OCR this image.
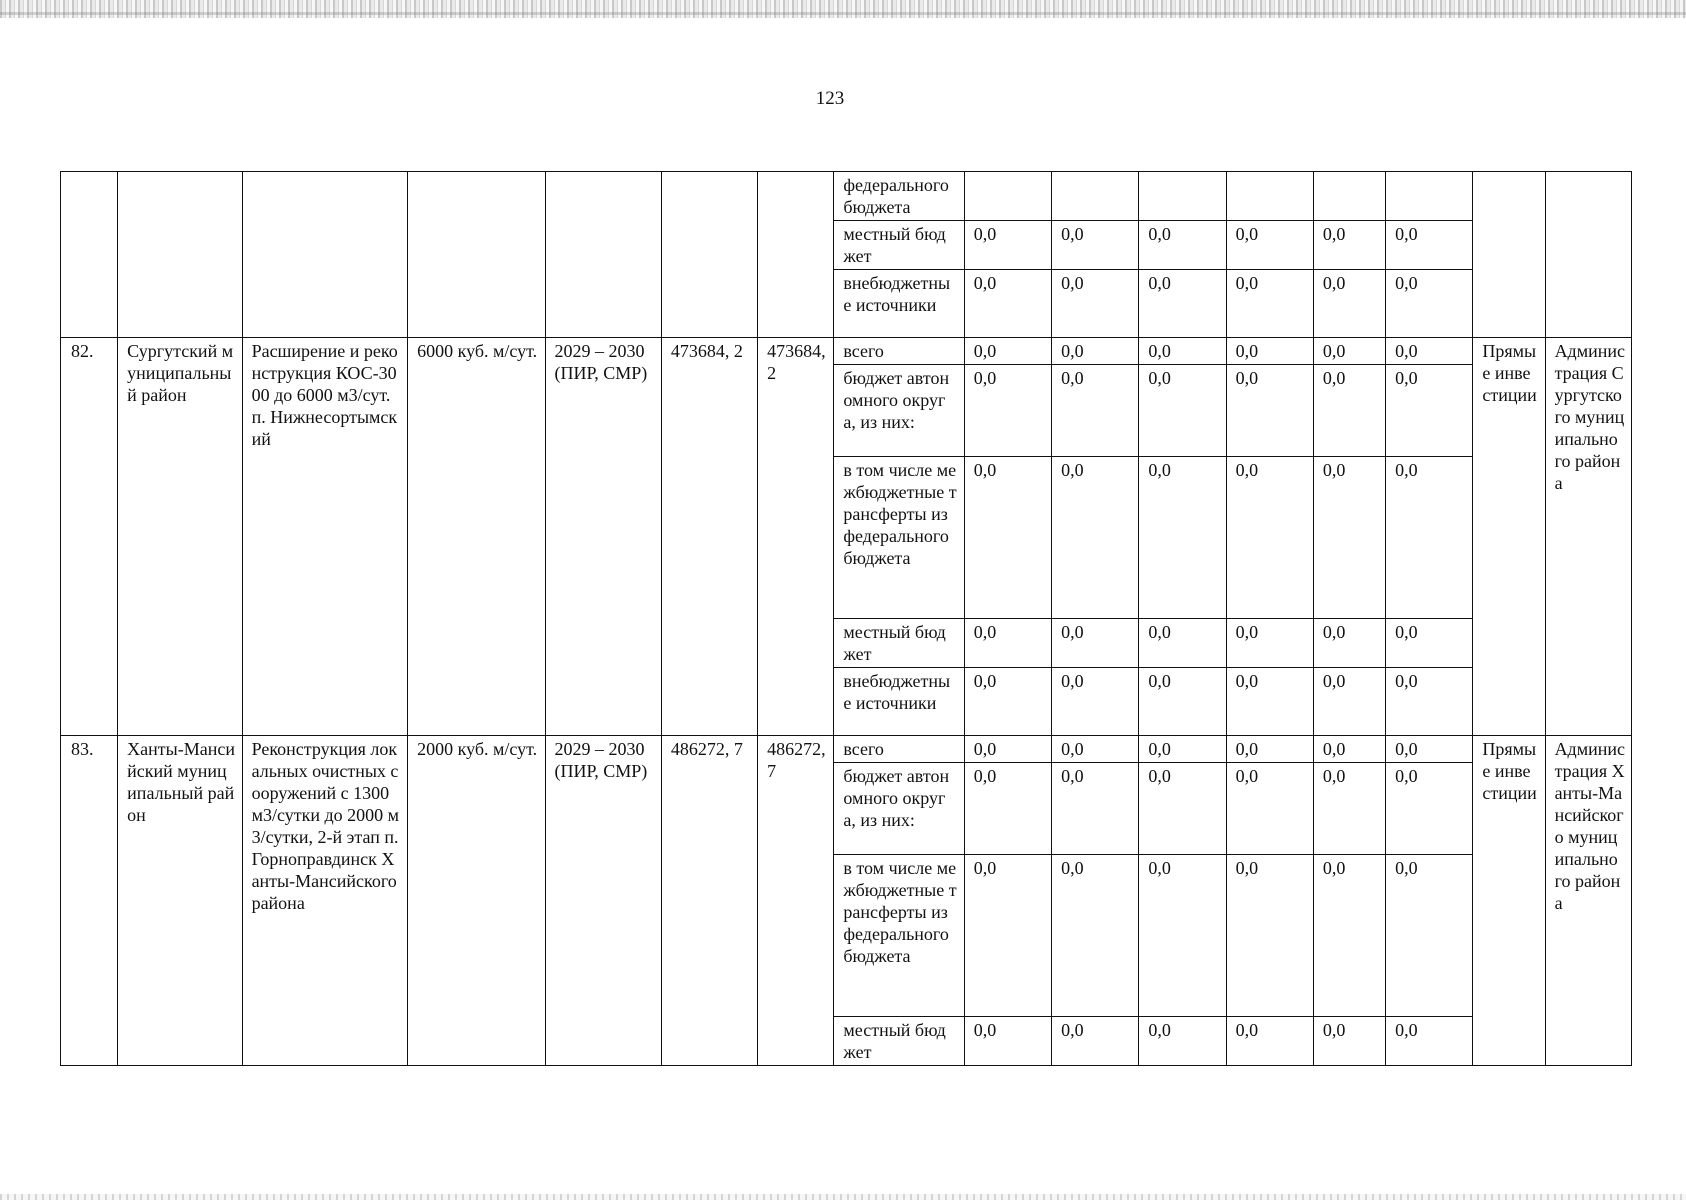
123
							федерального бюджета								
							местный бюджет	0,0	0,0	0,0	0,0	0,0	0,0		
							внебюджетные источники	0,0	0,0	0,0	0,0	0,0	0,0		
82.	Сургутский муниципальный район	Расширение и реконструкция КОС-3000 до 6000 м3/сут. п. Нижнесортымский	6000 куб. м/сут.	2029 – 2030 (ПИР, СМР)	473684, 2	473684,2	всего	0,0	0,0	0,0	0,0	0,0	0,0	Прямые инвестиции	Администрация Сургутского муниципального района
							бюджет автономного округа, из них:	0,0	0,0	0,0	0,0	0,0	0,0		
							в том числе межбюджетные трансферты из федерального бюджета	0,0	0,0	0,0	0,0	0,0	0,0		
							местный бюджет	0,0	0,0	0,0	0,0	0,0	0,0		
							внебюджетные источники	0,0	0,0	0,0	0,0	0,0	0,0		
83.	Ханты-Мансийский муниципальный район	Реконструкция локальных очистных сооружений с 1300 м3/сутки до 2000 м3/сутки, 2-й этап п. Горноправдинск Ханты-Мансийского района	2000 куб. м/сут.	2029 – 2030 (ПИР, СМР)	486272, 7	486272,7	всего	0,0	0,0	0,0	0,0	0,0	0,0	Прямые инвестиции	Администрация Ханты-Мансийского муниципального района
							бюджет автономного округа, из них:	0,0	0,0	0,0	0,0	0,0	0,0		
							в том числе межбюджетные трансферты из федерального бюджета	0,0	0,0	0,0	0,0	0,0	0,0		
							местный бюджет	0,0	0,0	0,0	0,0	0,0	0,0		
